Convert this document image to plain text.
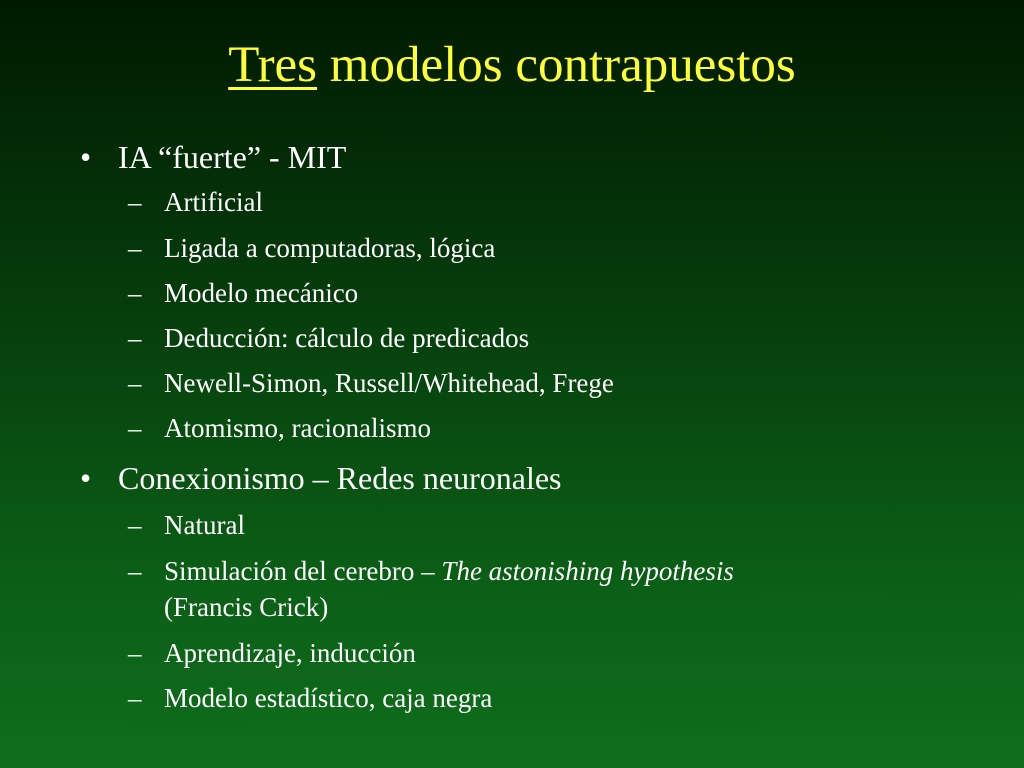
Tres modelos contrapuestos
• IA “fuerte” - MIT
– Artificial
– Ligada a computadoras, lógica
– Modelo mecánico
– Deducción: cálculo de predicados
– Newell-Simon, Russell/Whitehead, Frege
– Atomismo, racionalismo
• Conexionismo – Redes neuronales
– Natural
– Simulación del cerebro – The astonishing hypothesis
(Francis Crick)
– Aprendizaje, inducción
– Modelo estadístico, caja negra
